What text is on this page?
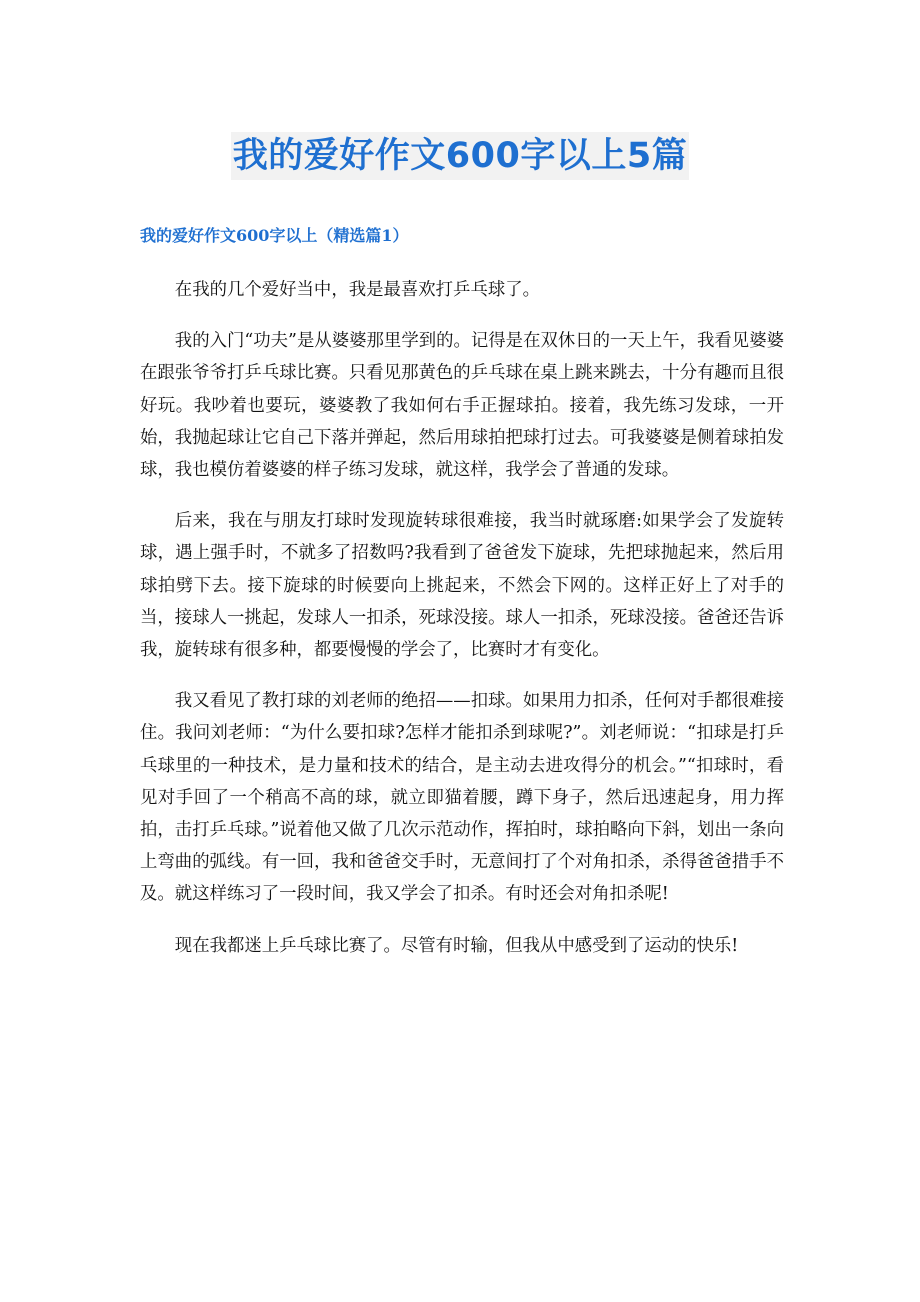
我的爱好作文600字以上5篇
我的爱好作文600字以上（精选篇1）

在我的几个爱好当中，我是最喜欢打乒乓球了。

我的入门“功夫”是从婆婆那里学到的。记得是在双休日的一天上午，我看见婆婆在跟张爷爷打乒乓球比赛。只看见那黄色的乒乓球在桌上跳来跳去，十分有趣而且很好玩。我吵着也要玩，婆婆教了我如何右手正握球拍。接着，我先练习发球，一开始，我抛起球让它自己下落并弹起，然后用球拍把球打过去。可我婆婆是侧着球拍发球，我也模仿着婆婆的样子练习发球，就这样，我学会了普通的发球。

后来，我在与朋友打球时发现旋转球很难接，我当时就琢磨:如果学会了发旋转球，遇上强手时，不就多了招数吗?我看到了爸爸发下旋球，先把球抛起来，然后用球拍劈下去。接下旋球的时候要向上挑起来，不然会下网的。这样正好上了对手的当，接球人一挑起，发球人一扣杀，死球没接。球人一扣杀，死球没接。爸爸还告诉我，旋转球有很多种，都要慢慢的学会了，比赛时才有变化。

我又看见了教打球的刘老师的绝招——扣球。如果用力扣杀，任何对手都很难接住。我问刘老师：“为什么要扣球?怎样才能扣杀到球呢?”。刘老师说：“扣球是打乒乓球里的一种技术，是力量和技术的结合，是主动去进攻得分的机会。”“扣球时，看见对手回了一个稍高不高的球，就立即猫着腰，蹲下身子，然后迅速起身，用力挥拍，击打乒乓球。”说着他又做了几次示范动作，挥拍时，球拍略向下斜，划出一条向上弯曲的弧线。有一回，我和爸爸交手时，无意间打了个对角扣杀，杀得爸爸措手不及。就这样练习了一段时间，我又学会了扣杀。有时还会对角扣杀呢!

现在我都迷上乒乓球比赛了。尽管有时输，但我从中感受到了运动的快乐!
